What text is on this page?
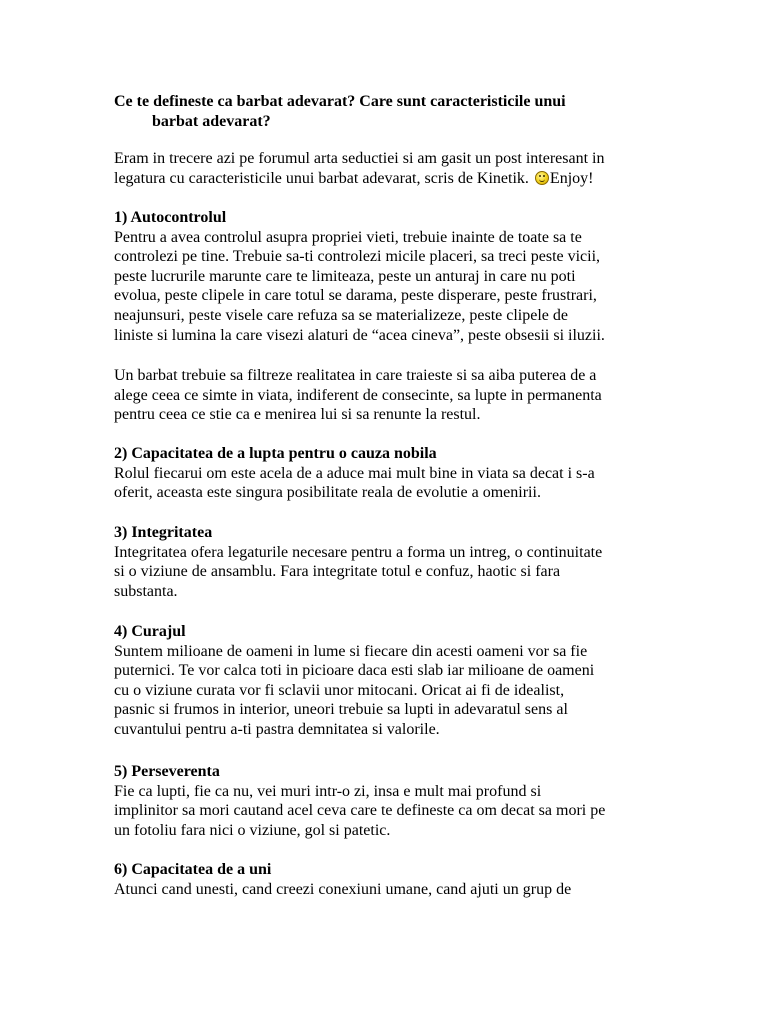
Ce te defineste ca barbat adevarat? Care sunt caracteristicile unui
barbat adevarat?

Eram in trecere azi pe forumul arta seductiei si am gasit un post interesant in
legatura cu caracteristicile unui barbat adevarat, scris de Kinetik. Enjoy!

1) Autocontrolul
Pentru a avea controlul asupra propriei vieti, trebuie inainte de toate sa te
controlezi pe tine. Trebuie sa-ti controlezi micile placeri, sa treci peste vicii,
peste lucrurile marunte care te limiteaza, peste un anturaj in care nu poti
evolua, peste clipele in care totul se darama, peste disperare, peste frustrari,
neajunsuri, peste visele care refuza sa se materializeze, peste clipele de
liniste si lumina la care visezi alaturi de “acea cineva”, peste obsesii si iluzii.

Un barbat trebuie sa filtreze realitatea in care traieste si sa aiba puterea de a
alege ceea ce simte in viata, indiferent de consecinte, sa lupte in permanenta
pentru ceea ce stie ca e menirea lui si sa renunte la restul.

2) Capacitatea de a lupta pentru o cauza nobila
Rolul fiecarui om este acela de a aduce mai mult bine in viata sa decat i s-a
oferit, aceasta este singura posibilitate reala de evolutie a omenirii.
3) Integritatea
Integritatea ofera legaturile necesare pentru a forma un intreg, o continuitate
si o viziune de ansamblu. Fara integritate totul e confuz, haotic si fara
substanta.
4) Curajul
Suntem milioane de oameni in lume si fiecare din acesti oameni vor sa fie
puternici. Te vor calca toti in picioare daca esti slab iar milioane de oameni
cu o viziune curata vor fi sclavii unor mitocani. Oricat ai fi de idealist,
pasnic si frumos in interior, uneori trebuie sa lupti in adevaratul sens al
cuvantului pentru a-ti pastra demnitatea si valorile.
5) Perseverenta
Fie ca lupti, fie ca nu, vei muri intr-o zi, insa e mult mai profund si
implinitor sa mori cautand acel ceva care te defineste ca om decat sa mori pe
un fotoliu fara nici o viziune, gol si patetic.
6) Capacitatea de a uni
Atunci cand unesti, cand creezi conexiuni umane, cand ajuti un grup de
